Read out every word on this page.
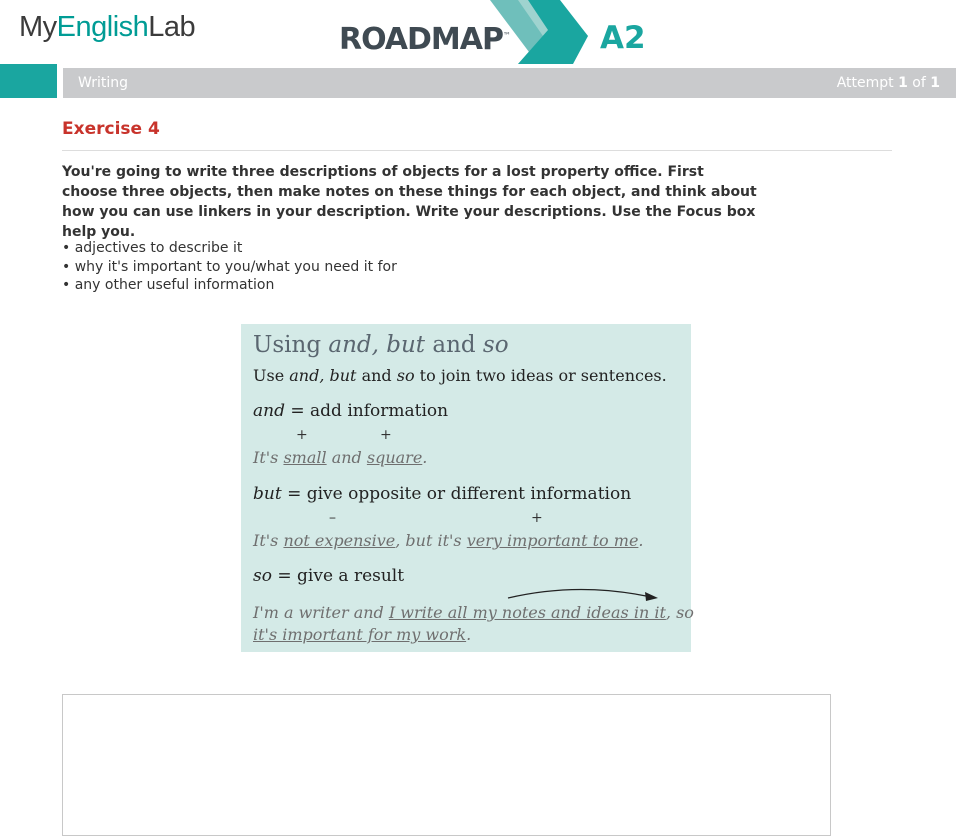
MyEnglishLab	ROADMAP™	A2
Writing	Attempt 1 of 1
Exercise 4
You're going to write three descriptions of objects for a lost property office. First choose three objects, then make notes on these things for each object, and think about how you can use linkers in your description. Write your descriptions. Use the Focus box help you.
• adjectives to describe it
• why it's important to you/what you need it for
• any other useful information
Using and, but and so
Use and, but and so to join two ideas or sentences.
and = add information
+	+
It's small and square.
but = give opposite or different information
–	+
It's not expensive, but it's very important to me.
so = give a result
I'm a writer and I write all my notes and ideas in it, so
it's important for my work.
